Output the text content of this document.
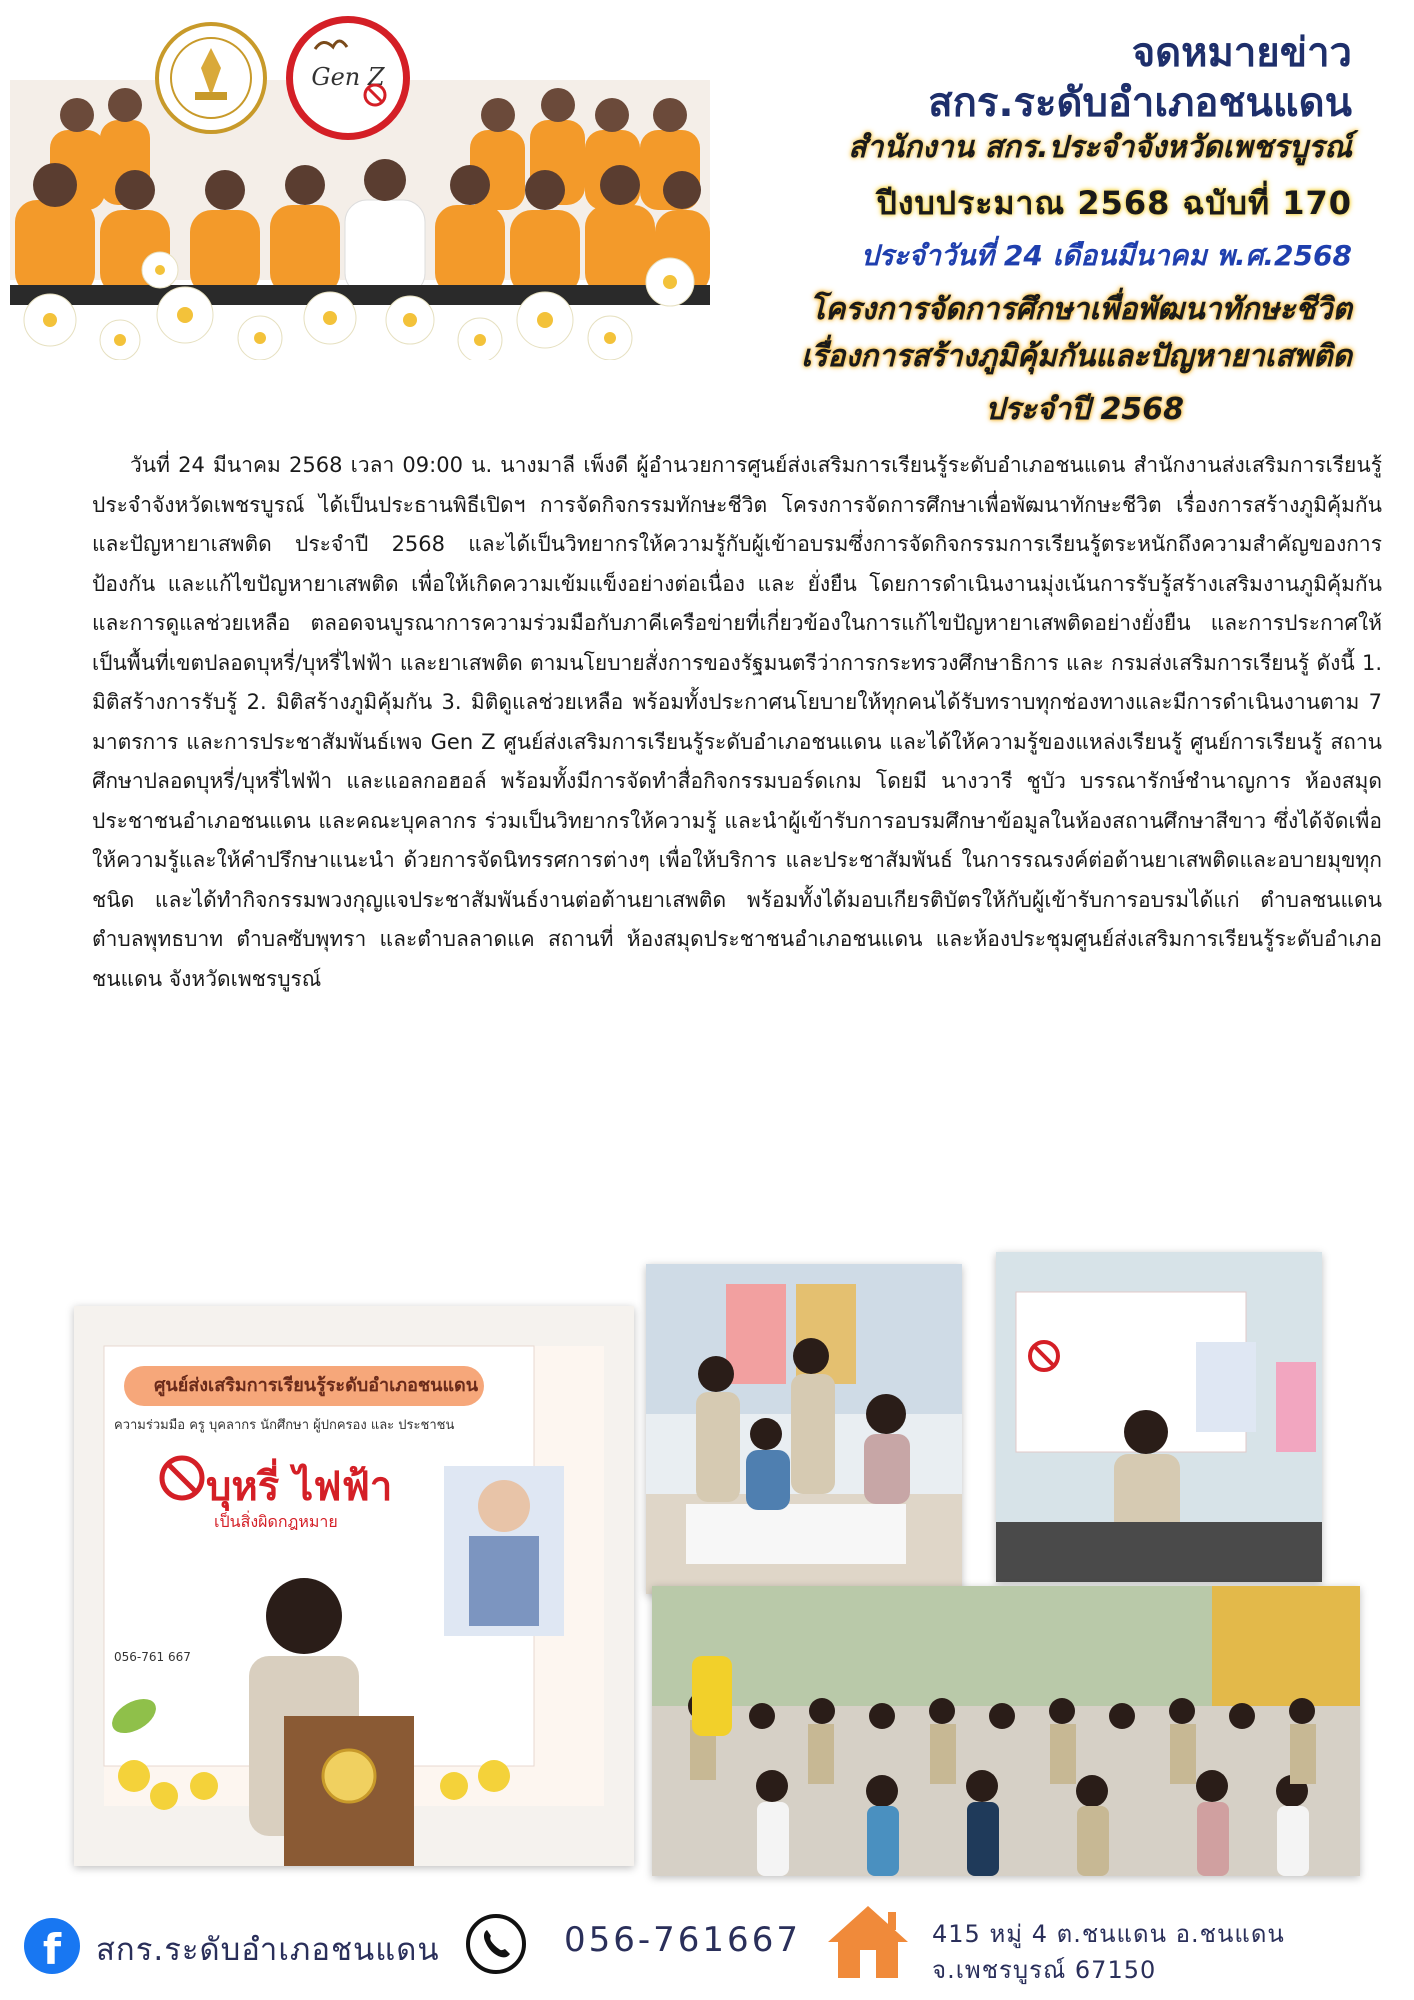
Gen Z
จดหมายข่าว
สกร.ระดับอำเภอชนแดน
สำนักงาน สกร.ประจำจังหวัดเพชรบูรณ์
ปีงบประมาณ 2568 ฉบับที่ 170
ประจำวันที่ 24 เดือนมีนาคม พ.ศ.2568
โครงการจัดการศึกษาเพื่อพัฒนาทักษะชีวิต
เรื่องการสร้างภูมิคุ้มกันและปัญหายาเสพติด
ประจำปี 2568

วันที่ 24 มีนาคม 2568 เวลา 09:00 น. นางมาลี เพ็งดี ผู้อำนวยการศูนย์ส่งเสริมการเรียนรู้ระดับอำเภอชนแดน สำนักงานส่งเสริมการเรียนรู้ประจำจังหวัดเพชรบูรณ์ ได้เป็นประธานพิธีเปิดฯ การจัดกิจกรรมทักษะชีวิต โครงการจัดการศึกษาเพื่อพัฒนาทักษะชีวิต เรื่องการสร้างภูมิคุ้มกันและปัญหายาเสพติด ประจำปี 2568 และได้เป็นวิทยากรให้ความรู้กับผู้เข้าอบรมซึ่งการจัดกิจกรรมการเรียนรู้ตระหนักถึงความสำคัญของการป้องกัน และแก้ไขปัญหายาเสพติด เพื่อให้เกิดความเข้มแข็งอย่างต่อเนื่อง และ ยั่งยืน โดยการดำเนินงานมุ่งเน้นการรับรู้สร้างเสริมงานภูมิคุ้มกันและการดูแลช่วยเหลือ ตลอดจนบูรณาการความร่วมมือกับภาคีเครือข่ายที่เกี่ยวข้องในการแก้ไขปัญหายาเสพติดอย่างยั่งยืน และการประกาศให้เป็นพื้นที่เขตปลอดบุหรี่/บุหรี่ไฟฟ้า และยาเสพติด ตามนโยบายสั่งการของรัฐมนตรีว่าการกระทรวงศึกษาธิการ และ กรมส่งเสริมการเรียนรู้ ดังนี้ 1. มิติสร้างการรับรู้ 2. มิติสร้างภูมิคุ้มกัน 3. มิติดูแลช่วยเหลือ พร้อมทั้งประกาศนโยบายให้ทุกคนได้รับทราบทุกช่องทางและมีการดำเนินงานตาม 7 มาตรการ และการประชาสัมพันธ์เพจ Gen Z ศูนย์ส่งเสริมการเรียนรู้ระดับอำเภอชนแดน และได้ให้ความรู้ของแหล่งเรียนรู้ ศูนย์การเรียนรู้ สถานศึกษาปลอดบุหรี่/บุหรี่ไฟฟ้า และแอลกอฮอล์ พร้อมทั้งมีการจัดทำสื่อกิจกรรมบอร์ดเกม โดยมี นางวารี ชูบัว บรรณารักษ์ชำนาญการ ห้องสมุดประชาชนอำเภอชนแดน และคณะบุคลากร ร่วมเป็นวิทยากรให้ความรู้ และนำผู้เข้ารับการอบรมศึกษาข้อมูลในห้องสถานศึกษาสีขาว ซึ่งได้จัดเพื่อให้ความรู้และให้คำปรึกษาแนะนำ ด้วยการจัดนิทรรศการต่างๆ เพื่อให้บริการ และประชาสัมพันธ์ ในการรณรงค์ต่อต้านยาเสพติดและอบายมุขทุกชนิด และได้ทำกิจกรรมพวงกุญแจประชาสัมพันธ์งานต่อต้านยาเสพติด พร้อมทั้งได้มอบเกียรติบัตรให้กับผู้เข้ารับการอบรมได้แก่ ตำบลชนแดน ตำบลพุทธบาท ตำบลซับพุทรา และตำบลลาดแค สถานที่ ห้องสมุดประชาชนอำเภอชนแดน และห้องประชุมศูนย์ส่งเสริมการเรียนรู้ระดับอำเภอชนแดน จังหวัดเพชรบูรณ์

ศูนย์ส่งเสริมการเรียนรู้ระดับอำเภอชนแดน
ความร่วมมือ ครู บุคลากร นักศึกษา ผู้ปกครอง และ ประชาชน
บุหรี่ ไฟฟ้า
เป็นสิ่งผิดกฎหมาย
056-761 667
f	สกร.ระดับอำเภอชนแดน	056-761667	415 หมู่ 4 ต.ชนแดน อ.ชนแดน
จ.เพชรบูรณ์ 67150
